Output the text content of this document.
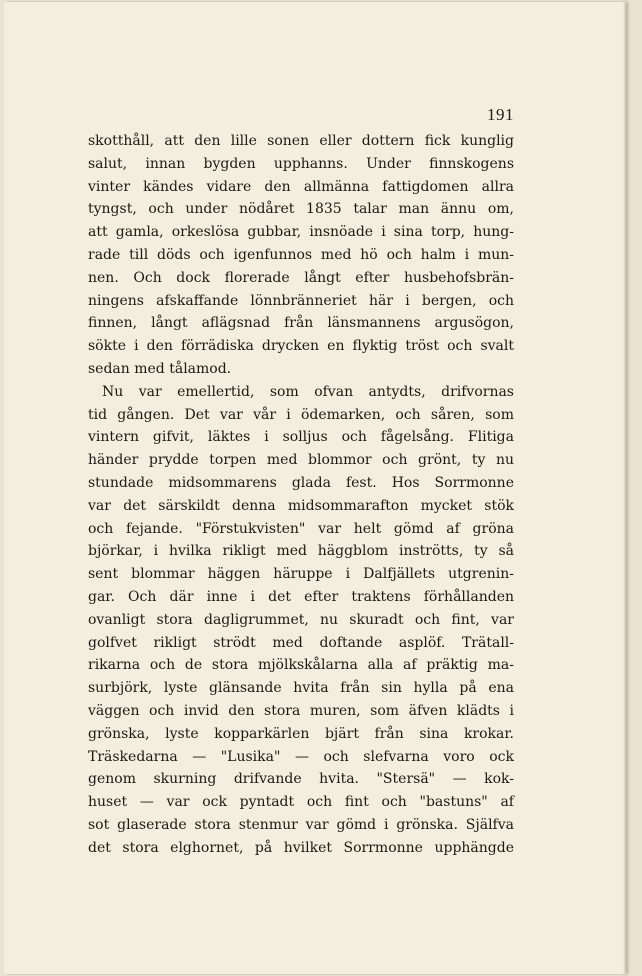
191
skotthåll, att den lille sonen eller dottern fick kunglig
salut, innan bygden upphanns. Under finnskogens
vinter kändes vidare den allmänna fattigdomen allra
tyngst, och under nödåret 1835 talar man ännu om,
att gamla, orkeslösa gubbar, insnöade i sina torp, hung-
rade till döds och igenfunnos med hö och halm i mun-
nen. Och dock florerade långt efter husbehofsbrän-
ningens afskaffande lönnbränneriet här i bergen, och
finnen, långt aflägsnad från länsmannens argusögon,
sökte i den förrädiska drycken en flyktig tröst och svalt
sedan med tålamod.
Nu var emellertid, som ofvan antydts, drifvornas
tid gången. Det var vår i ödemarken, och såren, som
vintern gifvit, läktes i solljus och fågelsång. Flitiga
händer prydde torpen med blommor och grönt, ty nu
stundade midsommarens glada fest. Hos Sorrmonne
var det särskildt denna midsommarafton mycket stök
och fejande. "Förstukvisten" var helt gömd af gröna
björkar, i hvilka rikligt med häggblom inströtts, ty så
sent blommar häggen häruppe i Dalfjällets utgrenin-
gar. Och där inne i det efter traktens förhållanden
ovanligt stora dagligrummet, nu skuradt och fint, var
golfvet rikligt strödt med doftande asplöf. Trätall-
rikarna och de stora mjölkskålarna alla af präktig ma-
surbjörk, lyste glänsande hvita från sin hylla på ena
väggen och invid den stora muren, som äfven klädts i
grönska, lyste kopparkärlen bjärt från sina krokar.
Träskedarna — "Lusika" — och slefvarna voro ock
genom skurning drifvande hvita. "Stersä" — kok-
huset — var ock pyntadt och fint och "bastuns" af
sot glaserade stora stenmur var gömd i grönska. Själfva
det stora elghornet, på hvilket Sorrmonne upphängde
